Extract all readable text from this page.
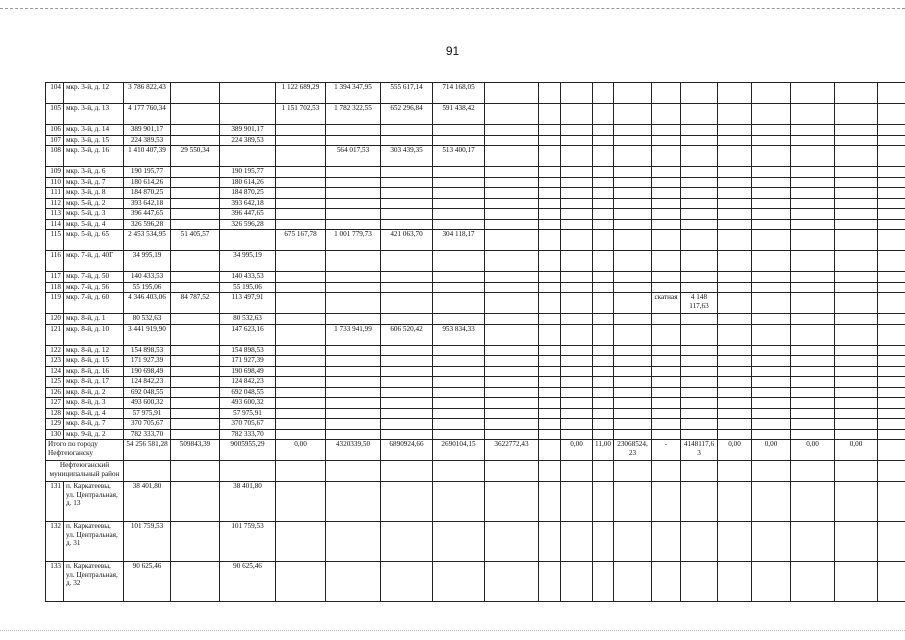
91
104	мкр. 3-й, д. 12	3 786 822,43			1 122 689,29	1 394 347,95	555 617,14	714 168,05												
105	мкр. 3-й, д. 13	4 177 760,34			1 151 702,53	1 782 322,55	652 296,84	591 438,42												
106	мкр. 3-й, д. 14	389 901,17		389 901,17																
107	мкр. 3-й, д. 15	224 389,53		224 389,53																
108	мкр. 3-й, д. 16	1 410 407,39	29 550,34			564 017,53	303 439,35	513 400,17												
109	мкр. 3-й, д. 6	190 195,77		190 195,77																
110	мкр. 3-й, д. 7	180 614,26		180 614,26																
111	мкр. 3-й, д. 8	184 870,25		184 870,25																
112	мкр. 5-й, д. 2	393 642,18		393 642,18																
113	мкр. 5-й, д. 3	396 447,65		396 447,65																
114	мкр. 5-й, д. 4	326 596,28		326 596,28																
115	мкр. 5-й, д. 65	2 453 534,95	51 405,57		675 167,78	1 001 779,73	421 063,70	304 118,17												
116	мкр. 7-й, д. 40Г	34 995,19		34 995,19																
117	мкр. 7-й, д. 50	140 433,53		140 433,53																
118	мкр. 7-й, д. 56	55 195,06		55 195,06																
119	мкр. 7-й, д. 60	4 346 403,06	84 787,52	113 497,91										скатная	4 148 117,63					
120	мкр. 8-й, д. 1	80 532,63		80 532,63																
121	мкр. 8-й, д. 10	3 441 919,90		147 623,16		1 733 941,99	606 520,42	953 834,33												
122	мкр. 8-й, д. 12	154 898,53		154 898,53																
123	мкр. 8-й, д. 15	171 927,39		171 927,39																
124	мкр. 8-й, д. 16	190 698,49		190 698,49																
125	мкр. 8-й, д. 17	124 842,23		124 842,23																
126	мкр. 8-й, д. 2	692 048,55		692 048,55																
127	мкр. 8-й, д. 3	493 600,32		493 600,32																
128	мкр. 8-й, д. 4	57 975,91		57 975,91																
129	мкр. 8-й, д. 7	370 705,67		370 705,67																
130	мкр. 9-й, д. 2	782 333,70		782 333,70																
Итого по городу Нефтеюганску		54 256 581,28	509843,39	9005955,29	0,00	4320339,50	6890924,66	2690104,15	3622772,43		0,00	11,00	23068524,23	-	4148117,63	0,00	0,00	0,00	0,00	
Нефтеюганский муниципальный район																				
131	п. Каркатеевы, ул. Центральная, д. 13	38 401,80		38 401,80																
132	п. Каркатеевы, ул. Центральная, д. 31	101 759,53		101 759,53																
133	п. Каркатеевы, ул. Центральная, д. 32	90 625,46		90 625,46																
